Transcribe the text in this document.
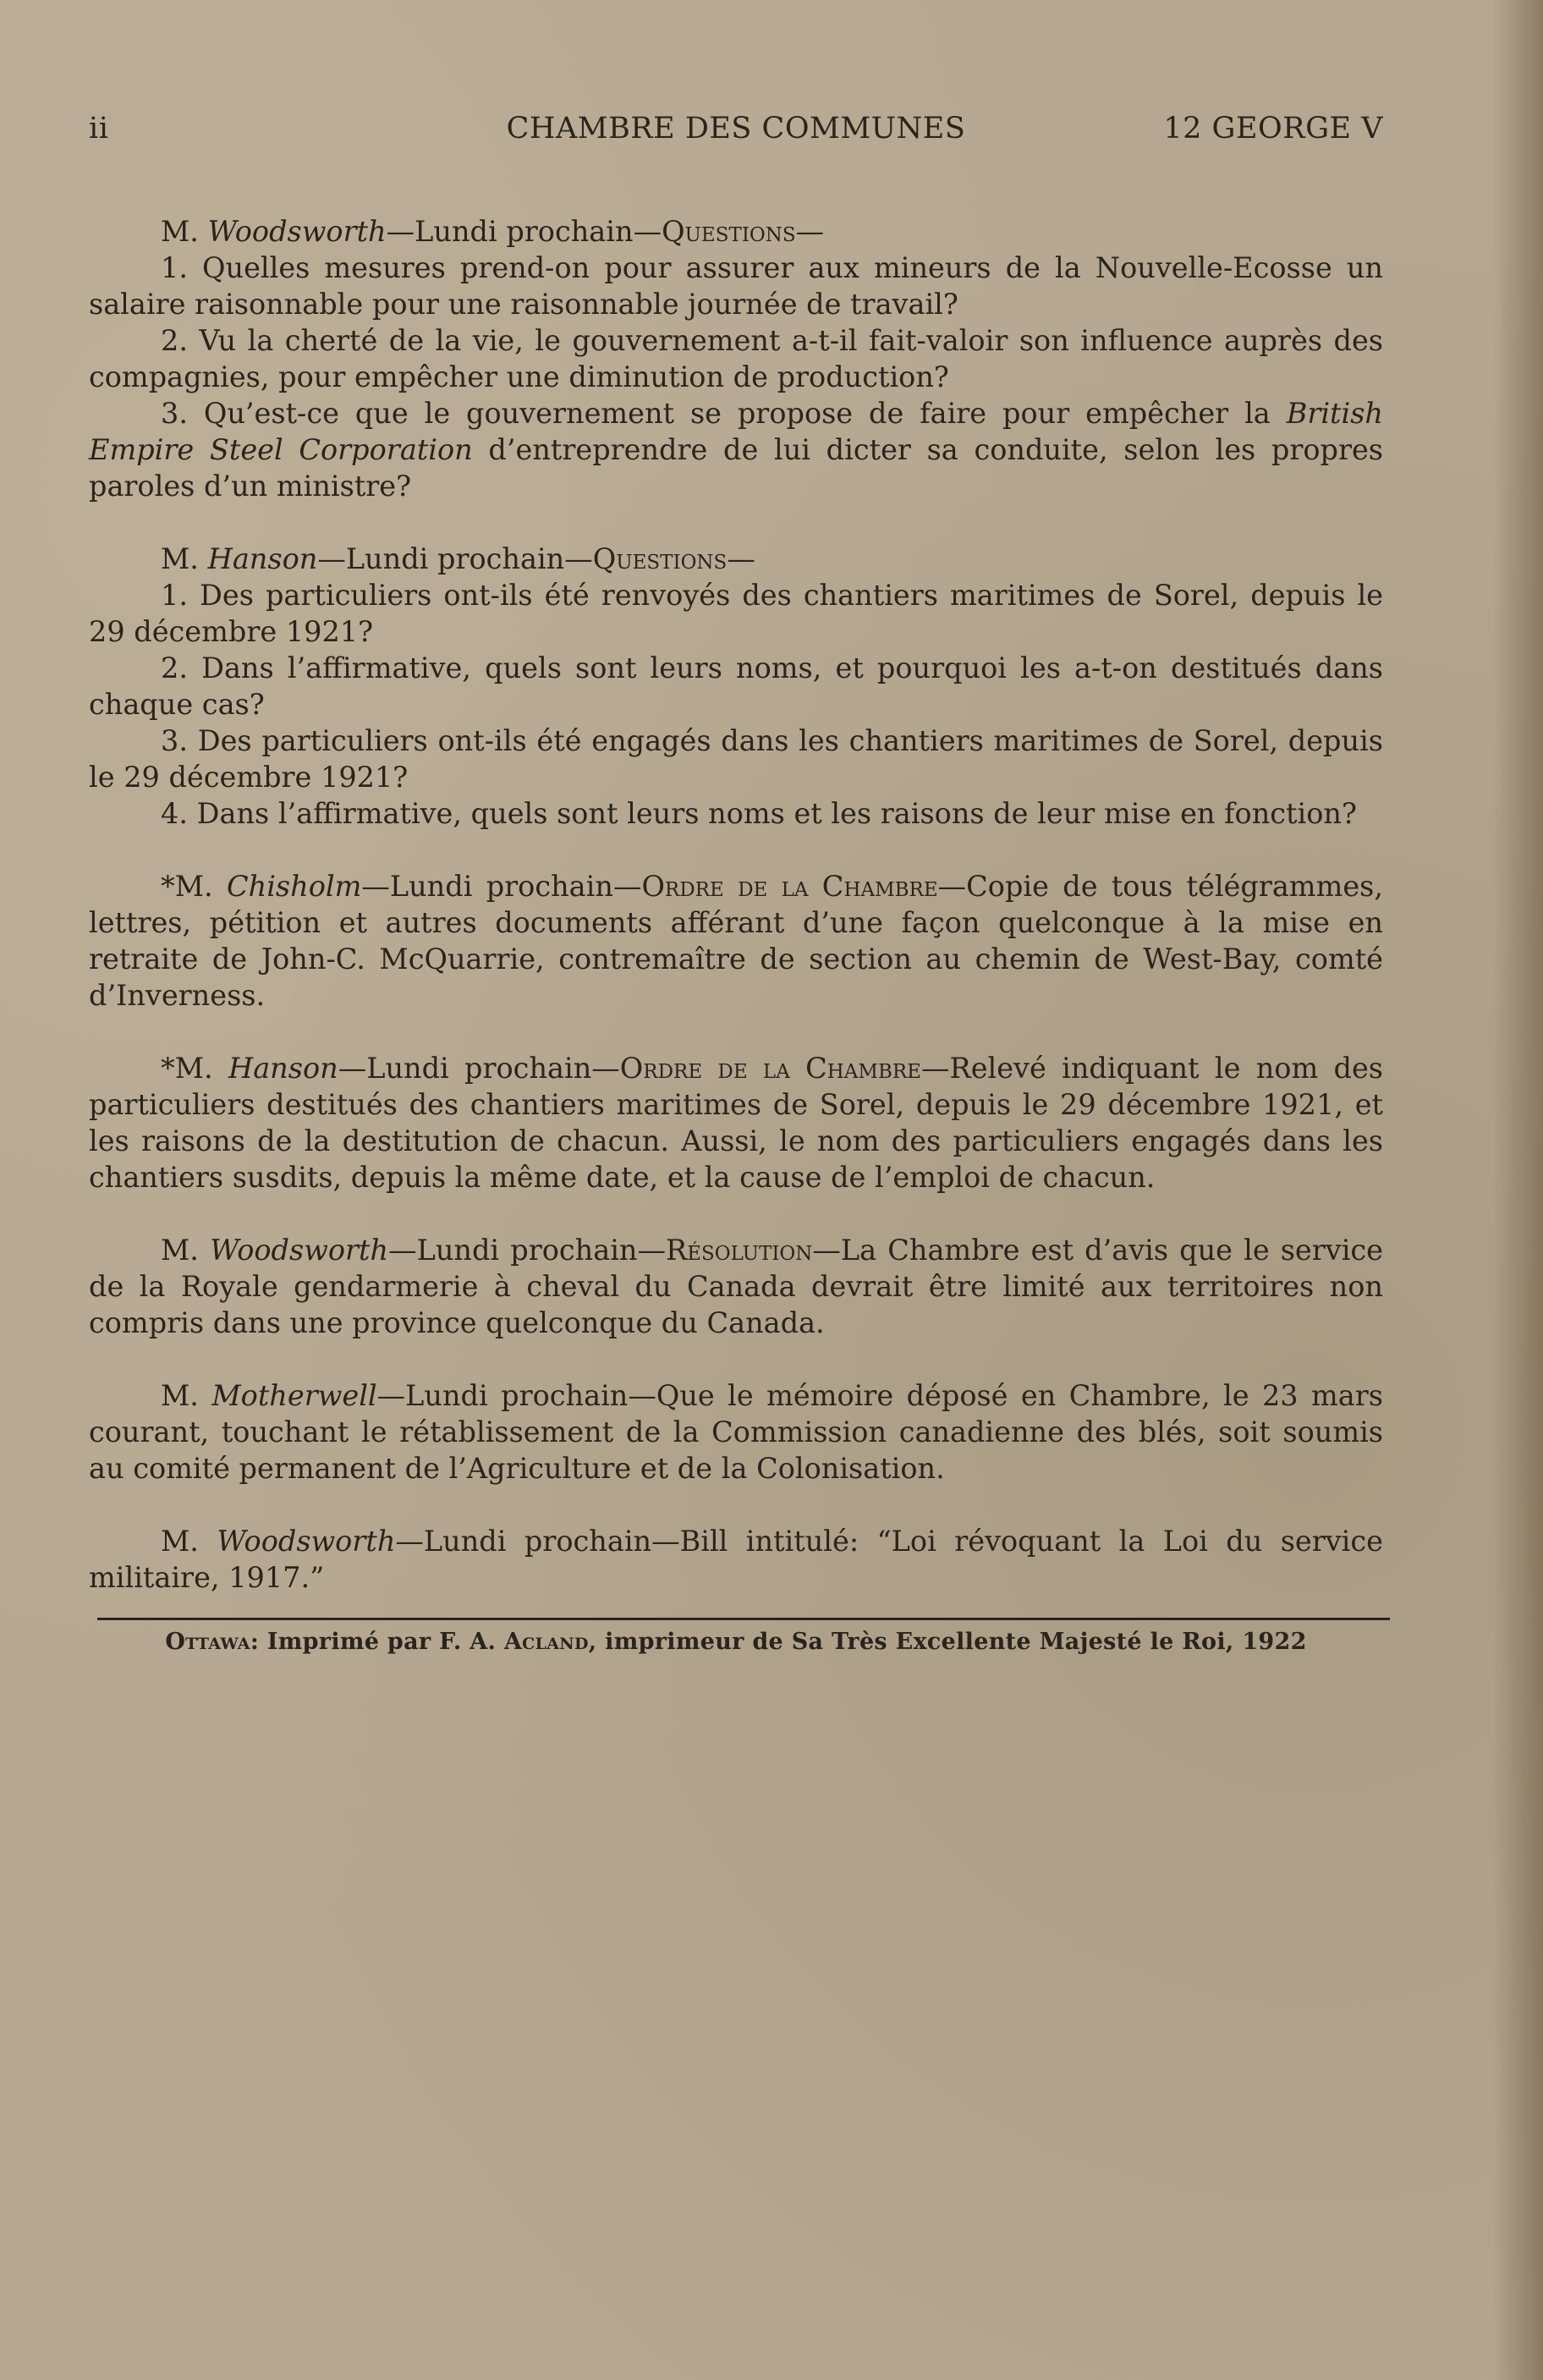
ii	CHAMBRE DES COMMUNES	12 GEORGE V

M. Woodsworth—Lundi prochain—Questions—

1. Quelles mesures prend-on pour assurer aux mineurs de la Nouvelle-Ecosse un salaire raisonnable pour une raisonnable journée de travail?

2. Vu la cherté de la vie, le gouvernement a-t-il fait-valoir son influence auprès des compagnies, pour empêcher une diminution de production?

3. Qu’est-ce que le gouvernement se propose de faire pour empêcher la British Empire Steel Corporation d’entreprendre de lui dicter sa conduite, selon les propres paroles d’un ministre?

M. Hanson—Lundi prochain—Questions—

1. Des particuliers ont-ils été renvoyés des chantiers maritimes de Sorel, depuis le 29 décembre 1921?

2. Dans l’affirmative, quels sont leurs noms, et pourquoi les a-t-on destitués dans chaque cas?

3. Des particuliers ont-ils été engagés dans les chantiers maritimes de Sorel, depuis le 29 décembre 1921?

4. Dans l’affirmative, quels sont leurs noms et les raisons de leur mise en fonction?

*M. Chisholm—Lundi prochain—Ordre de la Chambre—Copie de tous télégrammes, lettres, pétition et autres documents afférant d’une façon quelconque à la mise en retraite de John-C. McQuarrie, contremaître de section au chemin de West-Bay, comté d’Inverness.

*M. Hanson—Lundi prochain—Ordre de la Chambre—Relevé indiquant le nom des particuliers destitués des chantiers maritimes de Sorel, depuis le 29 décembre 1921, et les raisons de la destitution de chacun. Aussi, le nom des particuliers engagés dans les chantiers susdits, depuis la même date, et la cause de l’emploi de chacun.

M. Woodsworth—Lundi prochain—Résolution—La Chambre est d’avis que le service de la Royale gendarmerie à cheval du Canada devrait être limité aux territoires non compris dans une province quelconque du Canada.

M. Motherwell—Lundi prochain—Que le mémoire déposé en Chambre, le 23 mars courant, touchant le rétablissement de la Commission canadienne des blés, soit soumis au comité permanent de l’Agriculture et de la Colonisation.

M. Woodsworth—Lundi prochain—Bill intitulé: “Loi révoquant la Loi du service militaire, 1917.”

Ottawa: Imprimé par F. A. Acland, imprimeur de Sa Très Excellente Majesté le Roi, 1922
